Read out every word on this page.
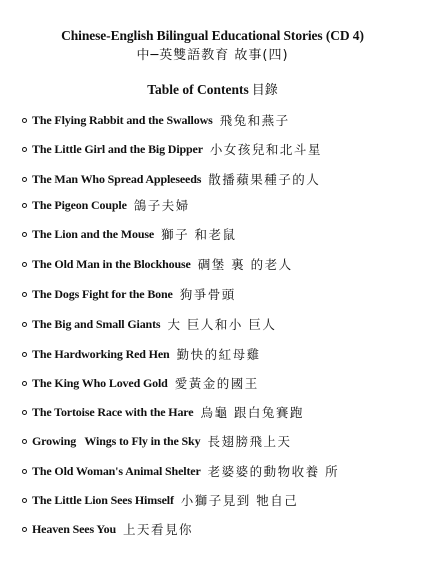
Chinese-English Bilingual Educational Stories (CD 4)
中─英雙語教育 故事(四)
Table of Contents 目錄
The Flying Rabbit and the Swallows 飛兔和燕子
The Little Girl and the Big Dipper 小女孩兒和北斗星
The Man Who Spread Appleseeds 散播蘋果種子的人
The Pigeon Couple 鴿子夫婦
The Lion and the Mouse 獅子 和老鼠
The Old Man in the Blockhouse 碉堡 裏 的老人
The Dogs Fight for the Bone 狗爭骨頭
The Big and Small Giants 大 巨人和小 巨人
The Hardworking Red Hen 勤快的紅母雞
The King Who Loved Gold 愛黃金的國王
The Tortoise Race with the Hare 烏龜 跟白兔賽跑
Growing   Wings to Fly in the Sky 長翅膀飛上天
The Old Woman's Animal Shelter 老婆婆的動物收養 所
The Little Lion Sees Himself 小獅子見到 牠自己
Heaven Sees You 上天看見你
